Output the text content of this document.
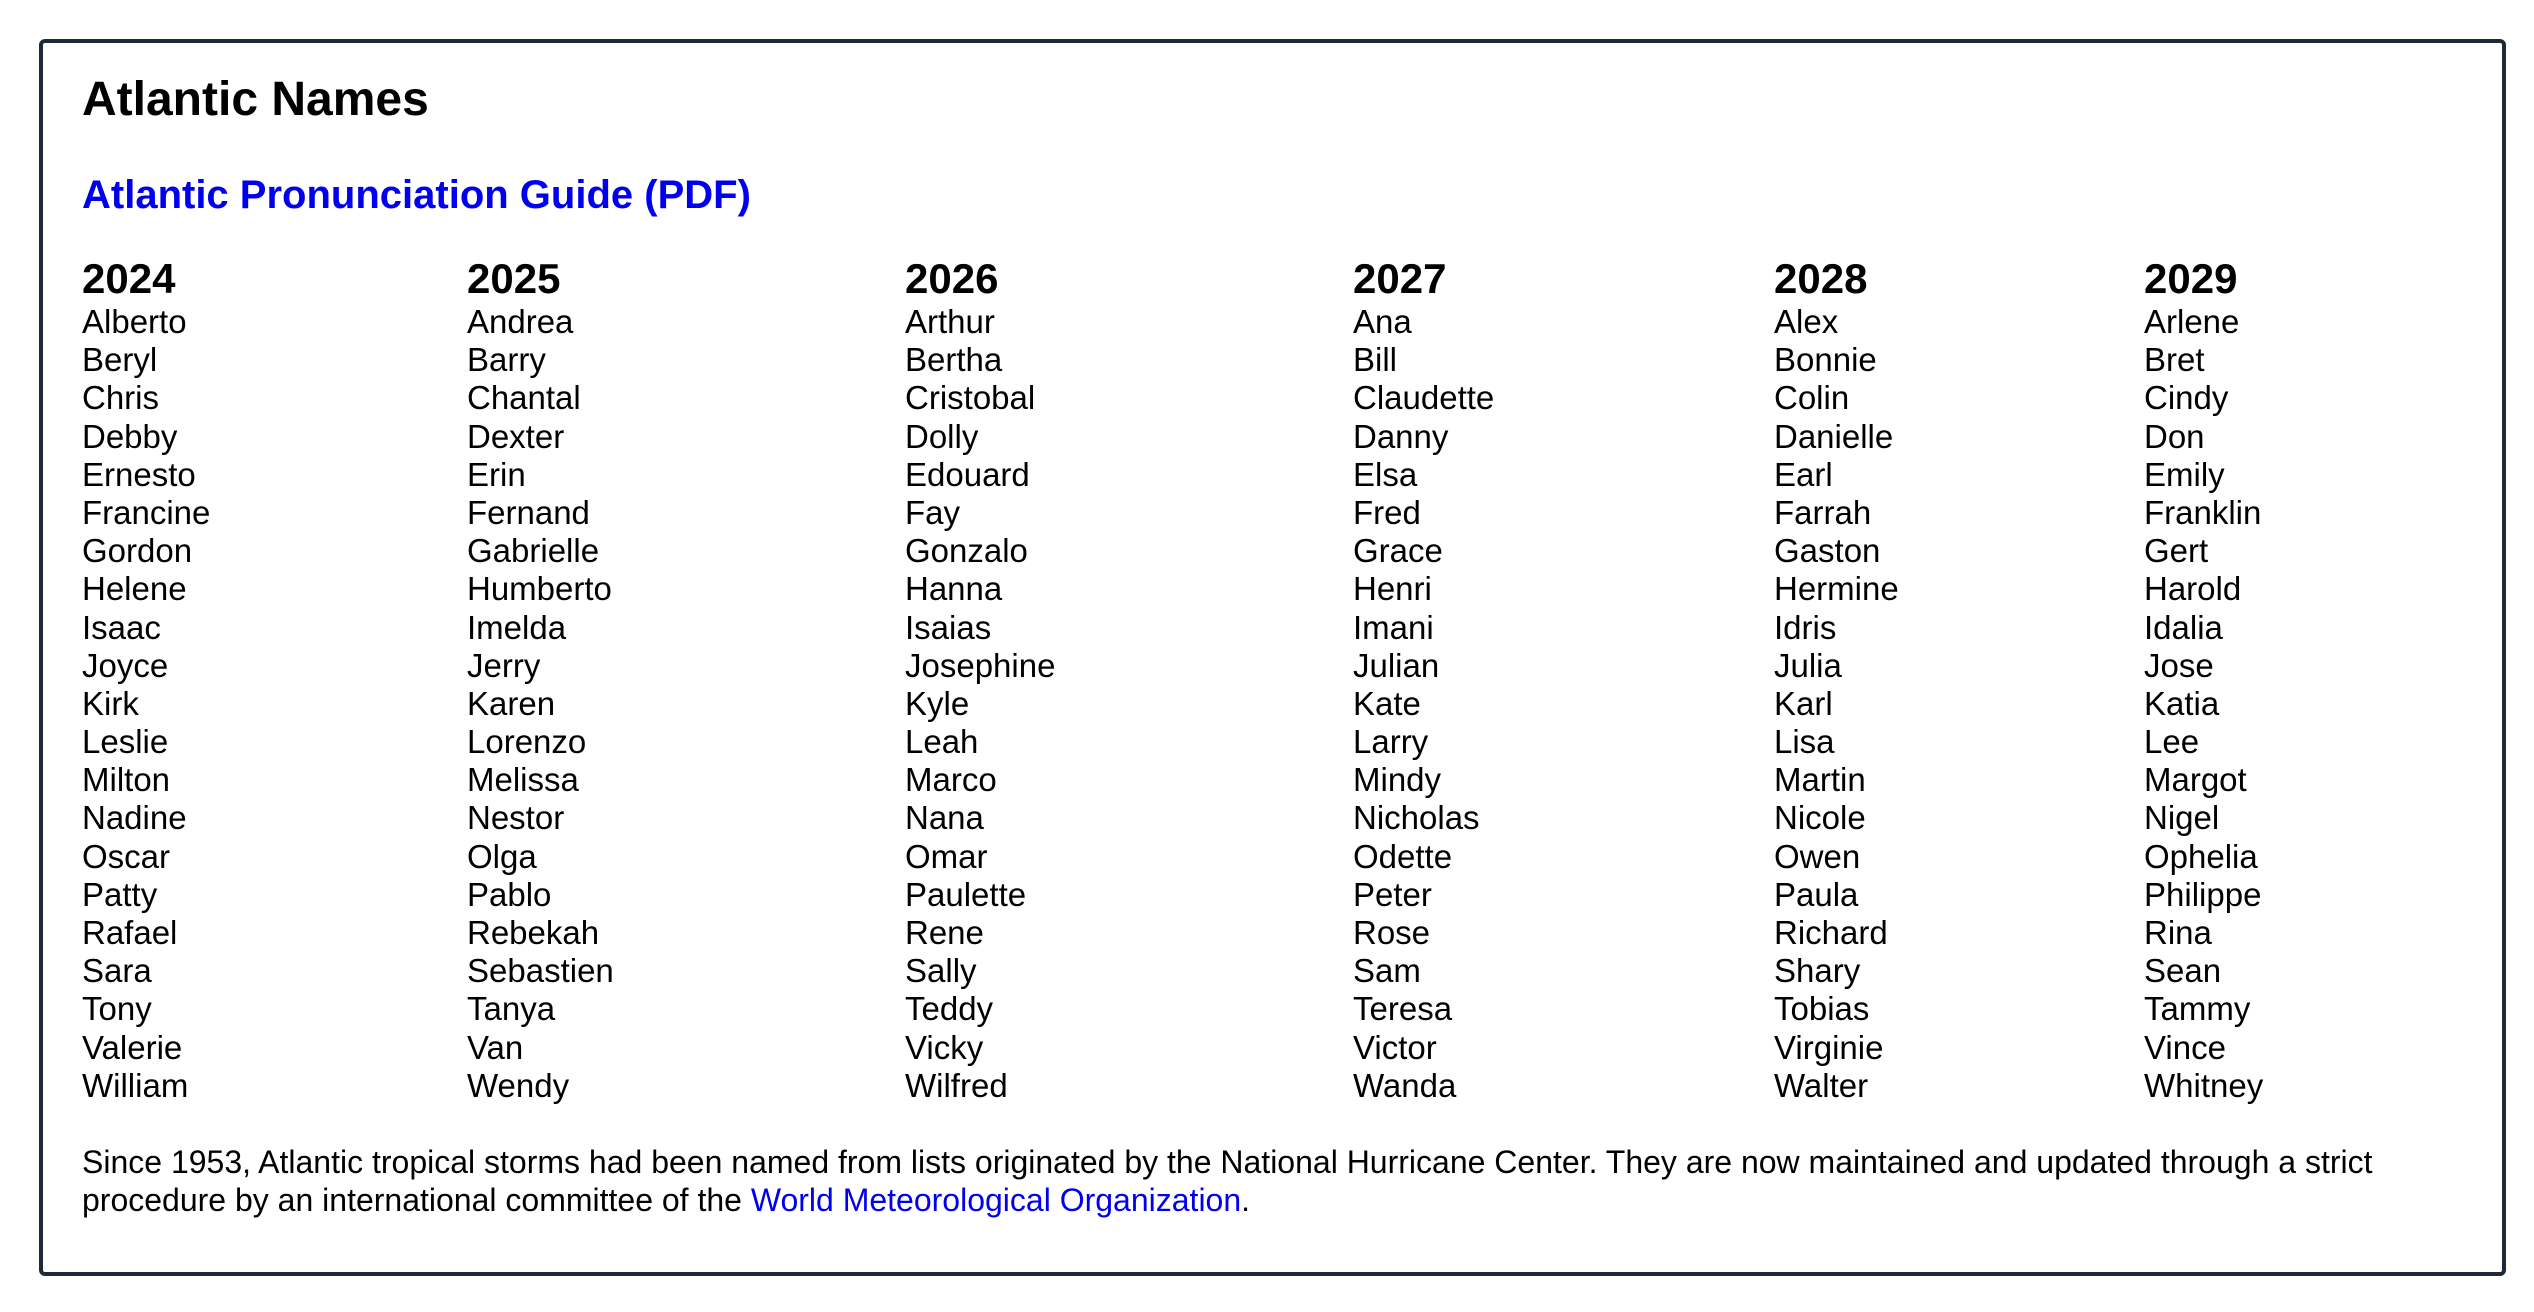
Atlantic Names
Atlantic Pronunciation Guide (PDF)
2024
Alberto
Beryl
Chris
Debby
Ernesto
Francine
Gordon
Helene
Isaac
Joyce
Kirk
Leslie
Milton
Nadine
Oscar
Patty
Rafael
Sara
Tony
Valerie
William
2025
Andrea
Barry
Chantal
Dexter
Erin
Fernand
Gabrielle
Humberto
Imelda
Jerry
Karen
Lorenzo
Melissa
Nestor
Olga
Pablo
Rebekah
Sebastien
Tanya
Van
Wendy
2026
Arthur
Bertha
Cristobal
Dolly
Edouard
Fay
Gonzalo
Hanna
Isaias
Josephine
Kyle
Leah
Marco
Nana
Omar
Paulette
Rene
Sally
Teddy
Vicky
Wilfred
2027
Ana
Bill
Claudette
Danny
Elsa
Fred
Grace
Henri
Imani
Julian
Kate
Larry
Mindy
Nicholas
Odette
Peter
Rose
Sam
Teresa
Victor
Wanda
2028
Alex
Bonnie
Colin
Danielle
Earl
Farrah
Gaston
Hermine
Idris
Julia
Karl
Lisa
Martin
Nicole
Owen
Paula
Richard
Shary
Tobias
Virginie
Walter
2029
Arlene
Bret
Cindy
Don
Emily
Franklin
Gert
Harold
Idalia
Jose
Katia
Lee
Margot
Nigel
Ophelia
Philippe
Rina
Sean
Tammy
Vince
Whitney

Since 1953, Atlantic tropical storms had been named from lists originated by the National Hurricane Center. They are now maintained and updated through a strict procedure by an international committee of the World Meteorological Organization.
